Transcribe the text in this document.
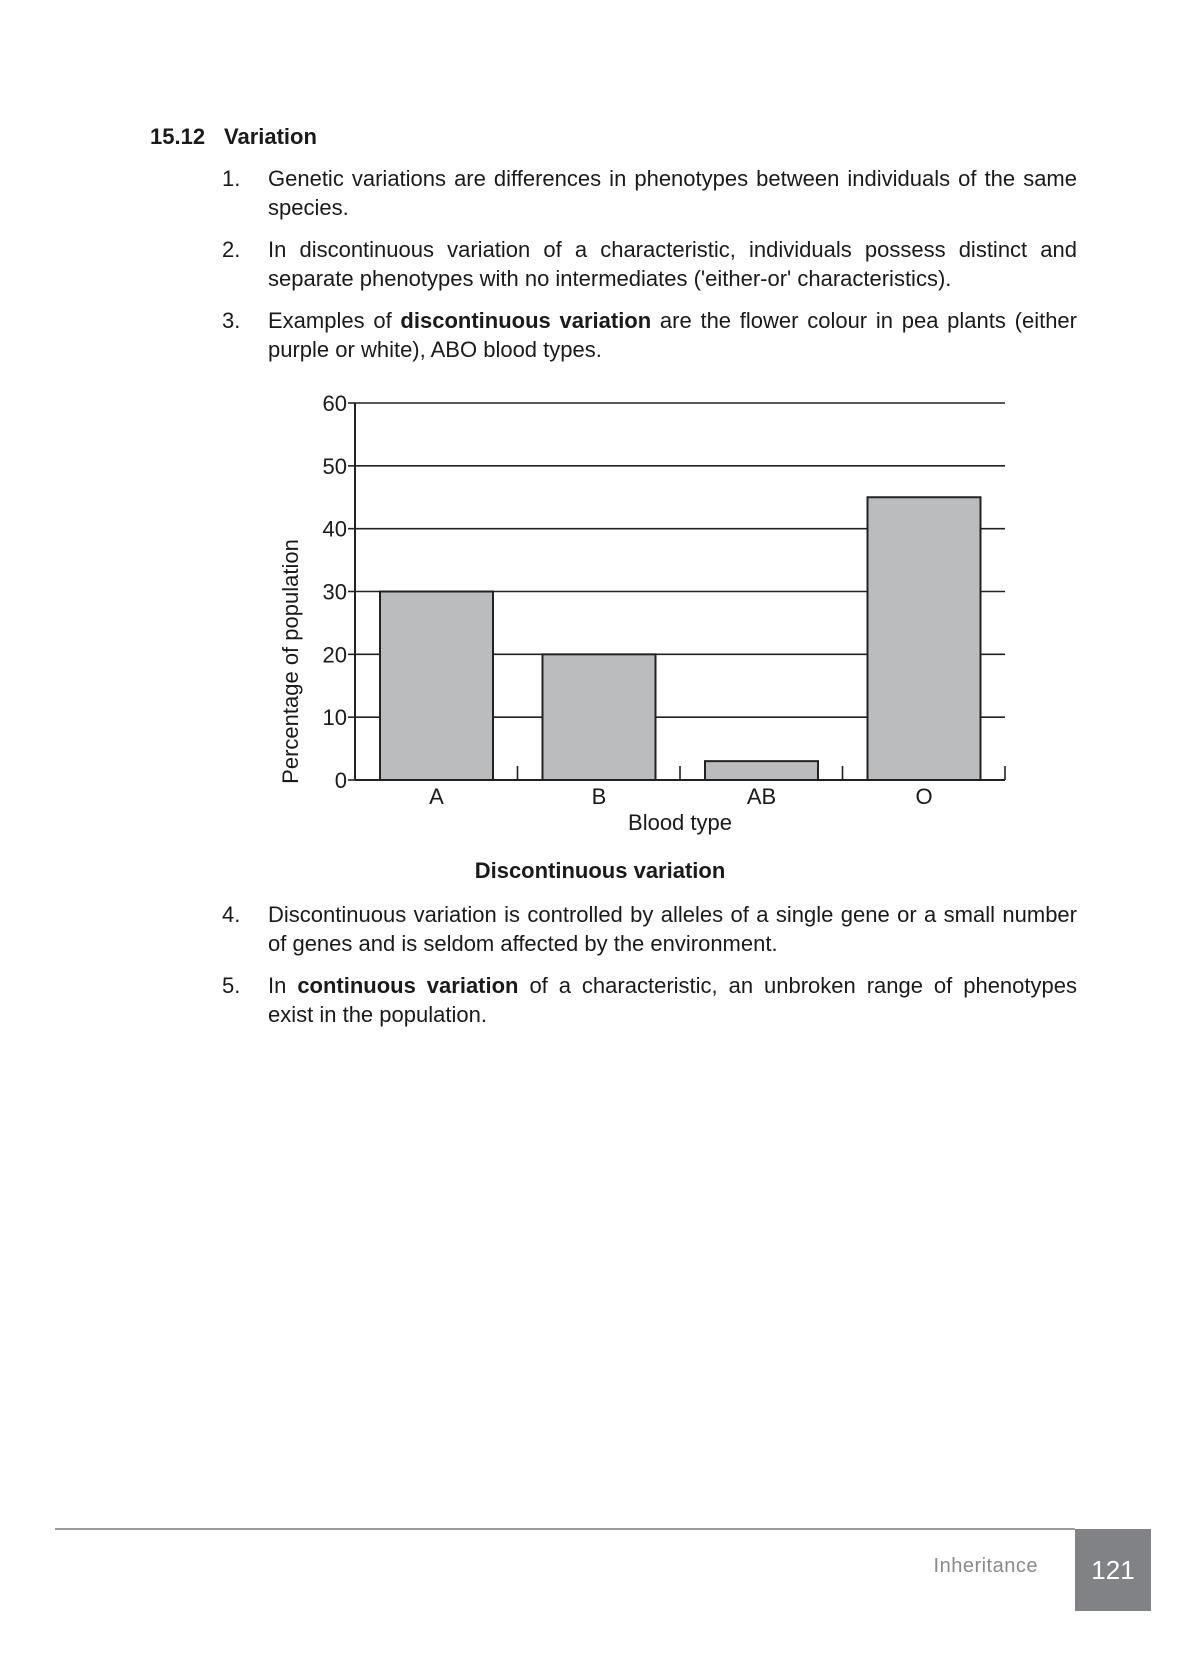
15.12 Variation
1.	Genetic variations are differences in phenotypes between individuals of the same species.
2.	In discontinuous variation of a characteristic, individuals possess distinct and separate phenotypes with no intermediates ('either-or' characteristics).
3.	Examples of discontinuous variation are the flower colour in pea plants (either purple or white), ABO blood types.
0
10
20
30
40
50
60
A	B	AB	O
Blood type
Percentage of population
Discontinuous variation
4.	Discontinuous variation is controlled by alleles of a single gene or a small number of genes and is seldom affected by the environment.
5.	In continuous variation of a characteristic, an unbroken range of phenotypes exist in the population.
Inheritance 121
